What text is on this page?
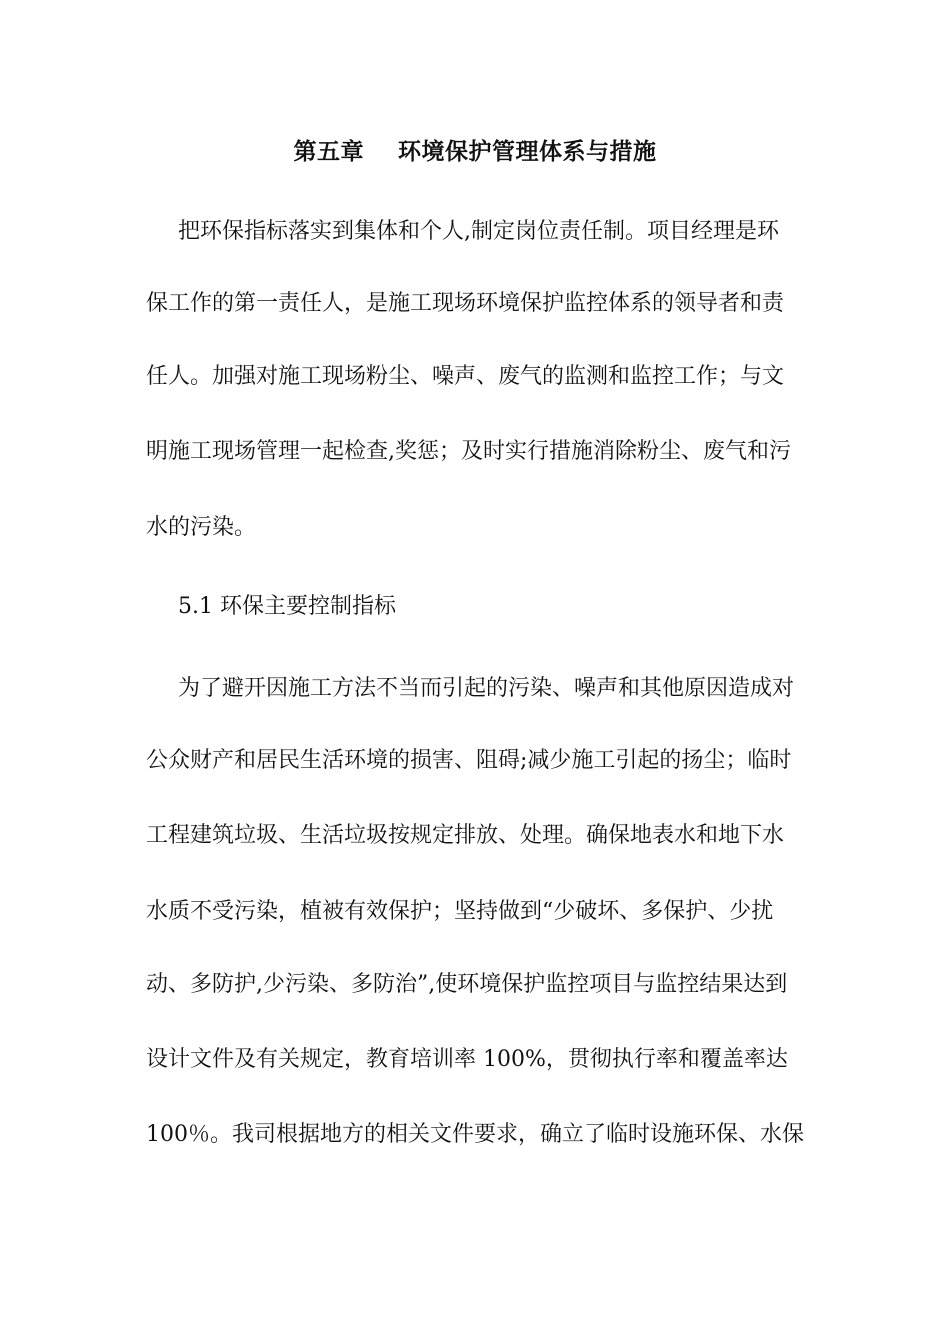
第五章    环境保护管理体系与措施
把环保指标落实到集体和个人,制定岗位责任制。项目经理是环
保工作的第一责任人，是施工现场环境保护监控体系的领导者和责
任人。加强对施工现场粉尘、噪声、废气的监测和监控工作；与文
明施工现场管理一起检查,奖惩；及时实行措施消除粉尘、废气和污
水的污染。
5.1 环保主要控制指标
为了避开因施工方法不当而引起的污染、噪声和其他原因造成对
公众财产和居民生活环境的损害、阻碍;减少施工引起的扬尘；临时
工程建筑垃圾、生活垃圾按规定排放、处理。确保地表水和地下水
水质不受污染，植被有效保护；坚持做到“少破坏、多保护、少扰
动、多防护,少污染、多防治”,使环境保护监控项目与监控结果达到
设计文件及有关规定，教育培训率 100%，贯彻执行率和覆盖率达
100％。我司根据地方的相关文件要求，确立了临时设施环保、水保
